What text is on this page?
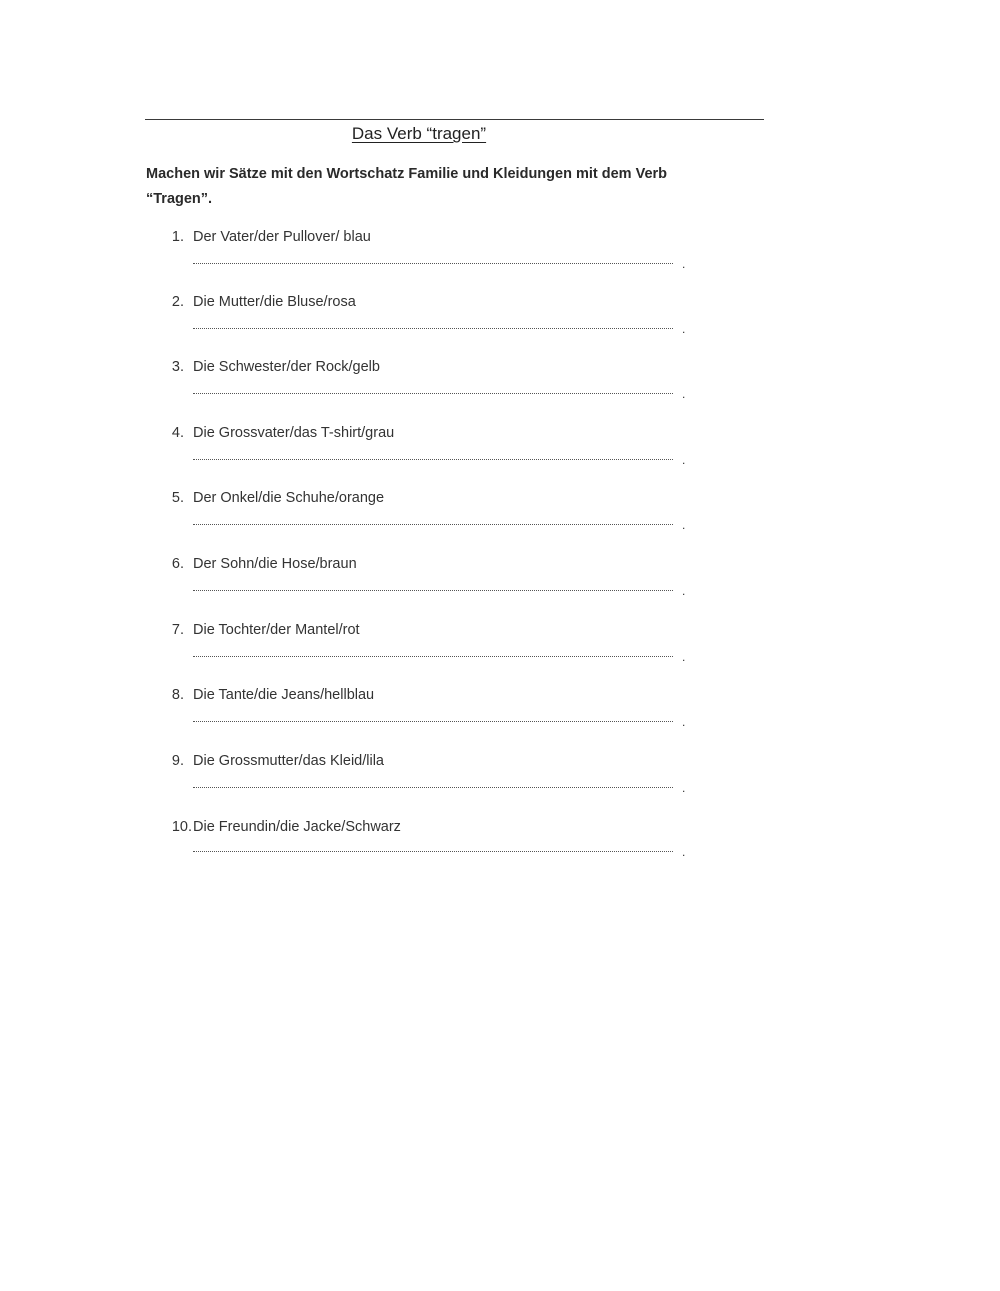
Das Verb “tragen”
Machen wir Sätze mit den Wortschatz Familie und Kleidungen mit dem Verb “Tragen”.
1. Der Vater/der Pullover/ blau
.
2. Die Mutter/die Bluse/rosa
.
3. Die Schwester/der Rock/gelb
.
4. Die Grossvater/das T-shirt/grau
.
5. Der Onkel/die Schuhe/orange
.
6. Der Sohn/die Hose/braun
.
7. Die Tochter/der Mantel/rot
.
8. Die Tante/die Jeans/hellblau
.
9. Die Grossmutter/das Kleid/lila
.
10. Die Freundin/die Jacke/Schwarz
.
